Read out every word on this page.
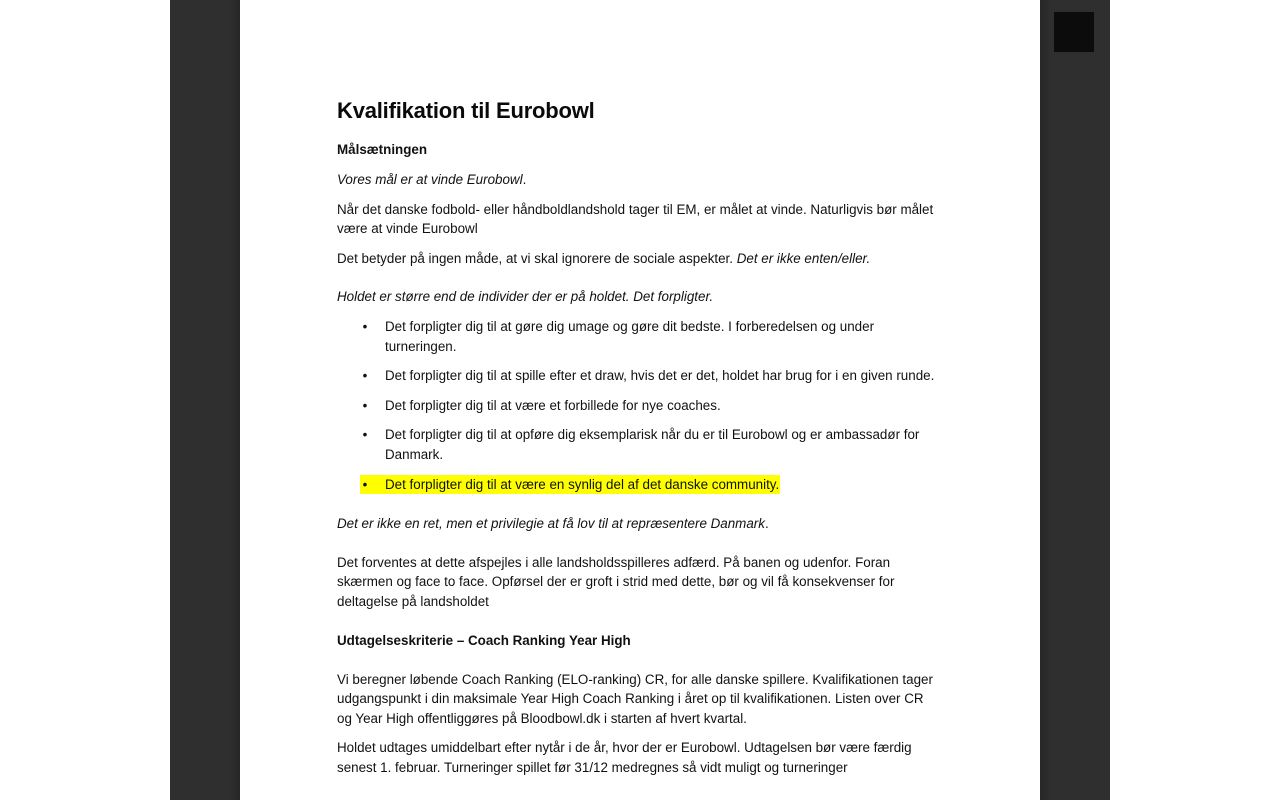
Kvalifikation til Eurobowl
Målsætningen

Vores mål er at vinde Eurobowl.

Når det danske fodbold- eller håndboldlandshold tager til EM, er målet at vinde. Naturligvis bør målet være at vinde Eurobowl

Det betyder på ingen måde, at vi skal ignorere de sociale aspekter. Det er ikke enten/eller.

Holdet er større end de individer der er på holdet. Det forpligter.

• Det forpligter dig til at gøre dig umage og gøre dit bedste. I forberedelsen og under turneringen.
• Det forpligter dig til at spille efter et draw, hvis det er det, holdet har brug for i en given runde.
• Det forpligter dig til at være et forbillede for nye coaches.
• Det forpligter dig til at opføre dig eksemplarisk når du er til Eurobowl og er ambassadør for Danmark.
• Det forpligter dig til at være en synlig del af det danske community.

Det er ikke en ret, men et privilegie at få lov til at repræsentere Danmark.

Det forventes at dette afspejles i alle landsholdsspilleres adfærd. På banen og udenfor. Foran skærmen og face to face. Opførsel der er groft i strid med dette, bør og vil få konsekvenser for deltagelse på landsholdet

Udtagelseskriterie – Coach Ranking Year High

Vi beregner løbende Coach Ranking (ELO-ranking) CR, for alle danske spillere. Kvalifikationen tager udgangspunkt i din maksimale Year High Coach Ranking i året op til kvalifikationen. Listen over CR og Year High offentliggøres på Bloodbowl.dk i starten af hvert kvartal.

Holdet udtages umiddelbart efter nytår i de år, hvor der er Eurobowl. Udtagelsen bør være færdig senest 1. februar. Turneringer spillet før 31/12 medregnes så vidt muligt og turneringer
